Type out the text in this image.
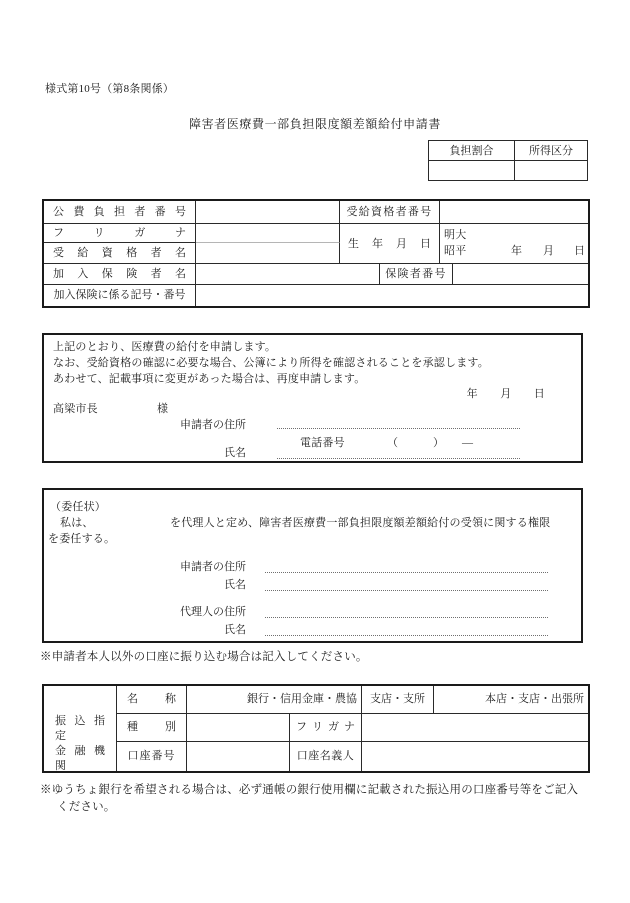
様式第10号（第8条関係）
障害者医療費一部負担限度額差額給付申請書
負担割合	所得区分
公 費 負 担 者 番 号	受給資格者番号
フ リ ガ ナ
受 給 資 格 者 名
生 年 月 日
明大
昭平	年 月 日
加 入 保 険 者 名	保険者番号
加入保険に係る記号・番号
上記のとおり、医療費の給付を申請します。
なお、受給資格の確認に必要な場合、公簿により所得を確認されることを承認します。
あわせて、記載事項に変更があった場合は、再度申請します。
年　　月　　日
高梁市長	様
申請者の住所
電話番号	（	） ―
氏名
（委任状）
私は、	を代理人と定め、障害者医療費一部負担限度額差額給付の受領に関する権限
を委任する。
申請者の住所
氏名
代理人の住所
氏名
※申請者本人以外の口座に振り込む場合は記入してください。
振 込 指 定
金 融 機 関
名 称	銀行・信用金庫・農協	支店・支所	本店・支店・出張所
種 別	フ リ ガ ナ
口座番号	口座名義人
※ゆうちょ銀行を希望される場合は、必ず通帳の銀行使用欄に記載された振込用の口座番号等をご記入
ください。
